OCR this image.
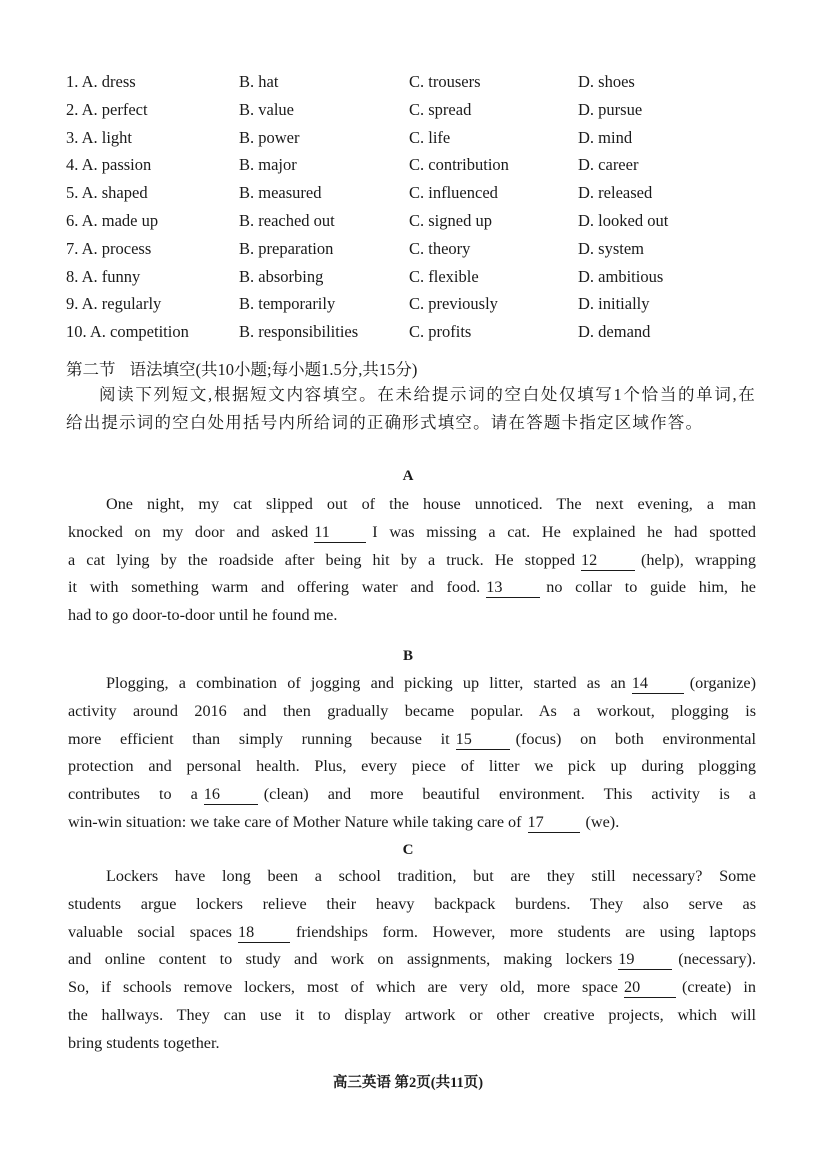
1. A. dress	B. hat	C. trousers	D. shoes
2. A. perfect	B. value	C. spread	D. pursue
3. A. light	B. power	C. life	D. mind
4. A. passion	B. major	C. contribution	D. career
5. A. shaped	B. measured	C. influenced	D. released
6. A. made up	B. reached out	C. signed up	D. looked out
7. A. process	B. preparation	C. theory	D. system
8. A. funny	B. absorbing	C. flexible	D. ambitious
9. A. regularly	B. temporarily	C. previously	D. initially
10. A. competition	B. responsibilities	C. profits	D. demand
第二节 语法填空(共10小题;每小题1.5分,共15分)
阅读下列短文,根据短文内容填空。在未给提示词的空白处仅填写1个恰当的单词,在给出提示词的空白处用括号内所给词的正确形式填空。请在答题卡指定区域作答。
A
One night, my cat slipped out of the house unnoticed. The next evening, a man
knocked on my door and asked 11	I was missing a cat. He explained he had spotted
a cat lying by the roadside after being hit by a truck. He stopped 12	(help), wrapping
it with something warm and offering water and food. 13	no collar to guide him, he
had to go door-to-door until he found me.
B
Plogging, a combination of jogging and picking up litter, started as an 14	(organize)
activity around 2016 and then gradually became popular. As a workout, plogging is
more efficient than simply running because it 15	(focus) on both environmental
protection and personal health. Plus, every piece of litter we pick up during plogging
contributes to a 16	(clean) and more beautiful environment. This activity is a
win-win situation: we take care of Mother Nature while taking care of 17	(we).
C
Lockers have long been a school tradition, but are they still necessary? Some
students argue lockers relieve their heavy backpack burdens. They also serve as
valuable social spaces 18	friendships form. However, more students are using laptops
and online content to study and work on assignments, making lockers 19	(necessary).
So, if schools remove lockers, most of which are very old, more space 20	(create) in
the hallways. They can use it to display artwork or other creative projects, which will
bring students together.
高三英语 第2页(共11页)
